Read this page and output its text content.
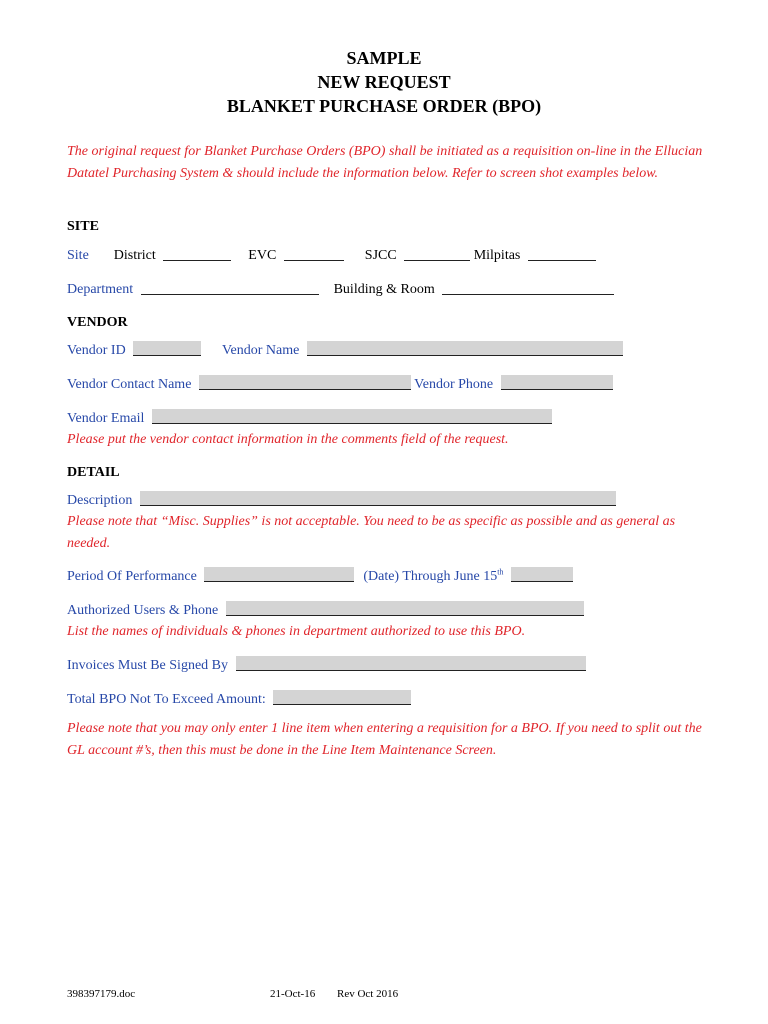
SAMPLE
NEW REQUEST
BLANKET PURCHASE ORDER (BPO)
The original request for Blanket Purchase Orders (BPO) shall be initiated as a requisition on-line in the Ellucian Datatel Purchasing System & should include the information below. Refer to screen shot examples below.
SITE
Site District	EVC	SJCC	Milpitas
Department	Building & Room
VENDOR
Vendor ID	Vendor Name
Vendor Contact Name	Vendor Phone
Vendor Email
Please put the vendor contact information in the comments field of the request.
DETAIL
Description
Please note that “Misc. Supplies” is not acceptable. You need to be as specific as possible and as general as needed.
Period Of Performance	(Date) Through June 15th
Authorized Users & Phone
List the names of individuals & phones in department authorized to use this BPO.
Invoices Must Be Signed By
Total BPO Not To Exceed Amount:
Please note that you may only enter 1 line item when entering a requisition for a BPO. If you need to split out the GL account #’s, then this must be done in the Line Item Maintenance Screen.
398397179.doc	21-Oct-16 Rev Oct 2016
